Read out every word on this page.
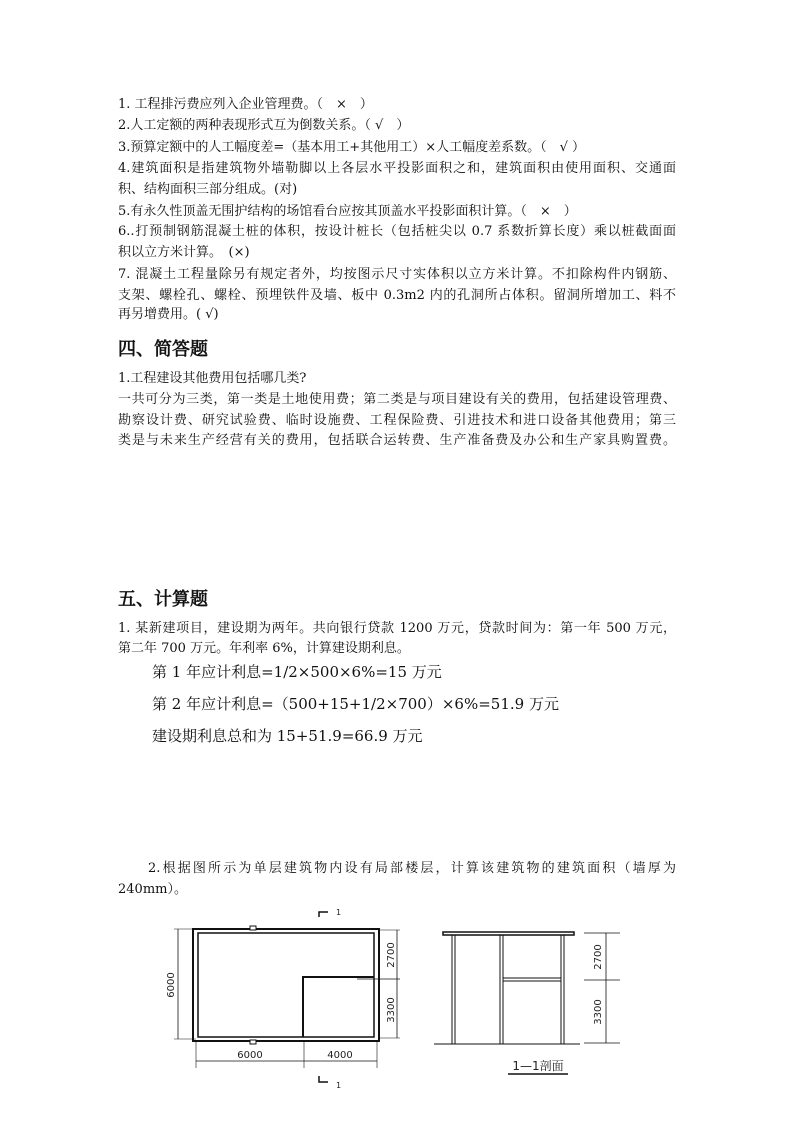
1. 工程排污费应列入企业管理费。（　×　）
2.人工定额的两种表现形式互为倒数关系。（ √　）
3.预算定额中的人工幅度差=（基本用工+其他用工）×人工幅度差系数。（　√ ）
4.建筑面积是指建筑物外墙勒脚以上各层水平投影面积之和，建筑面积由使用面积、交通面
积、结构面积三部分组成。(对)
5.有永久性顶盖无围护结构的场馆看台应按其顶盖水平投影面积计算。（　×　）
6..打预制钢筋混凝土桩的体积，按设计桩长（包括桩尖以 0.7 系数折算长度）乘以桩截面面
积以立方米计算。　(×)
7. 混凝土工程量除另有规定者外，均按图示尺寸实体积以立方米计算。不扣除构件内钢筋、
支架、螺栓孔、螺栓、预埋铁件及墙、板中 0.3m2 内的孔洞所占体积。留洞所增加工、料不
再另增费用。( √)
四、简答题
1.工程建设其他费用包括哪几类?
一共可分为三类，第一类是土地使用费；第二类是与项目建设有关的费用，包括建设管理费、
勘察设计费、研究试验费、临时设施费、工程保险费、引进技术和进口设备其他费用；第三
类是与未来生产经营有关的费用，包括联合运转费、生产准备费及办公和生产家具购置费。
五、计算题
1. 某新建项目，建设期为两年。共向银行贷款 1200 万元，贷款时间为：第一年 500 万元，
第二年 700 万元。年利率 6%，计算建设期利息。
第 1 年应计利息=1/2×500×6%=15 万元
第 2 年应计利息=（500+15+1/2×700）×6%=51.9 万元
建设期利息总和为 15+51.9=66.9 万元
2.根据图所示为单层建筑物内设有局部楼层，计算该建筑物的建筑面积（墙厚为
240mm）。
6000
6000	4000
2700
3300
1
1
2700
3300
1—1剖面
